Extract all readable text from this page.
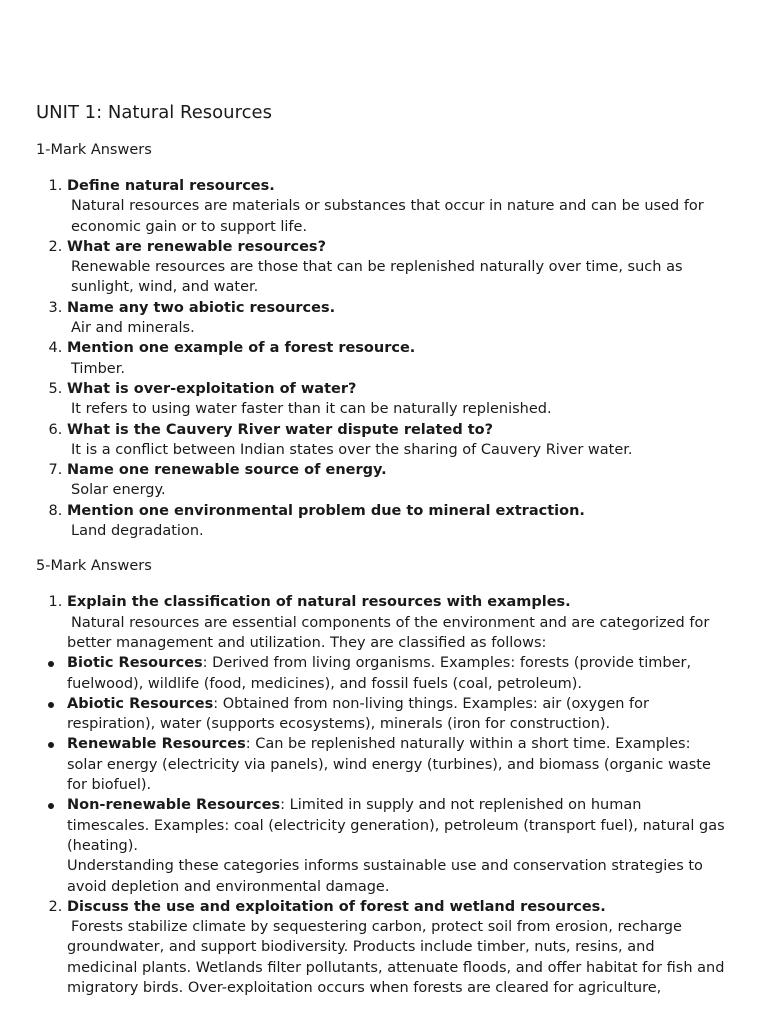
UNIT 1: Natural Resources
1-Mark Answers
1. Define natural resources.
Natural resources are materials or substances that occur in nature and can be used for economic gain or to support life.
2. What are renewable resources?
Renewable resources are those that can be replenished naturally over time, such as sunlight, wind, and water.
3. Name any two abiotic resources.
Air and minerals.
4. Mention one example of a forest resource.
Timber.
5. What is over-exploitation of water?
It refers to using water faster than it can be naturally replenished.
6. What is the Cauvery River water dispute related to?
It is a conflict between Indian states over the sharing of Cauvery River water.
7. Name one renewable source of energy.
Solar energy.
8. Mention one environmental problem due to mineral extraction.
Land degradation.
5-Mark Answers
1. Explain the classification of natural resources with examples.
Natural resources are essential components of the environment and are categorized for better management and utilization. They are classified as follows:
Biotic Resources: Derived from living organisms. Examples: forests (provide timber, fuelwood), wildlife (food, medicines), and fossil fuels (coal, petroleum).
Abiotic Resources: Obtained from non-living things. Examples: air (oxygen for respiration), water (supports ecosystems), minerals (iron for construction).
Renewable Resources: Can be replenished naturally within a short time. Examples: solar energy (electricity via panels), wind energy (turbines), and biomass (organic waste for biofuel).
Non-renewable Resources: Limited in supply and not replenished on human timescales. Examples: coal (electricity generation), petroleum (transport fuel), natural gas (heating).
Understanding these categories informs sustainable use and conservation strategies to avoid depletion and environmental damage.
2. Discuss the use and exploitation of forest and wetland resources.
Forests stabilize climate by sequestering carbon, protect soil from erosion, recharge groundwater, and support biodiversity. Products include timber, nuts, resins, and medicinal plants. Wetlands filter pollutants, attenuate floods, and offer habitat for fish and migratory birds. Over-exploitation occurs when forests are cleared for agriculture,
